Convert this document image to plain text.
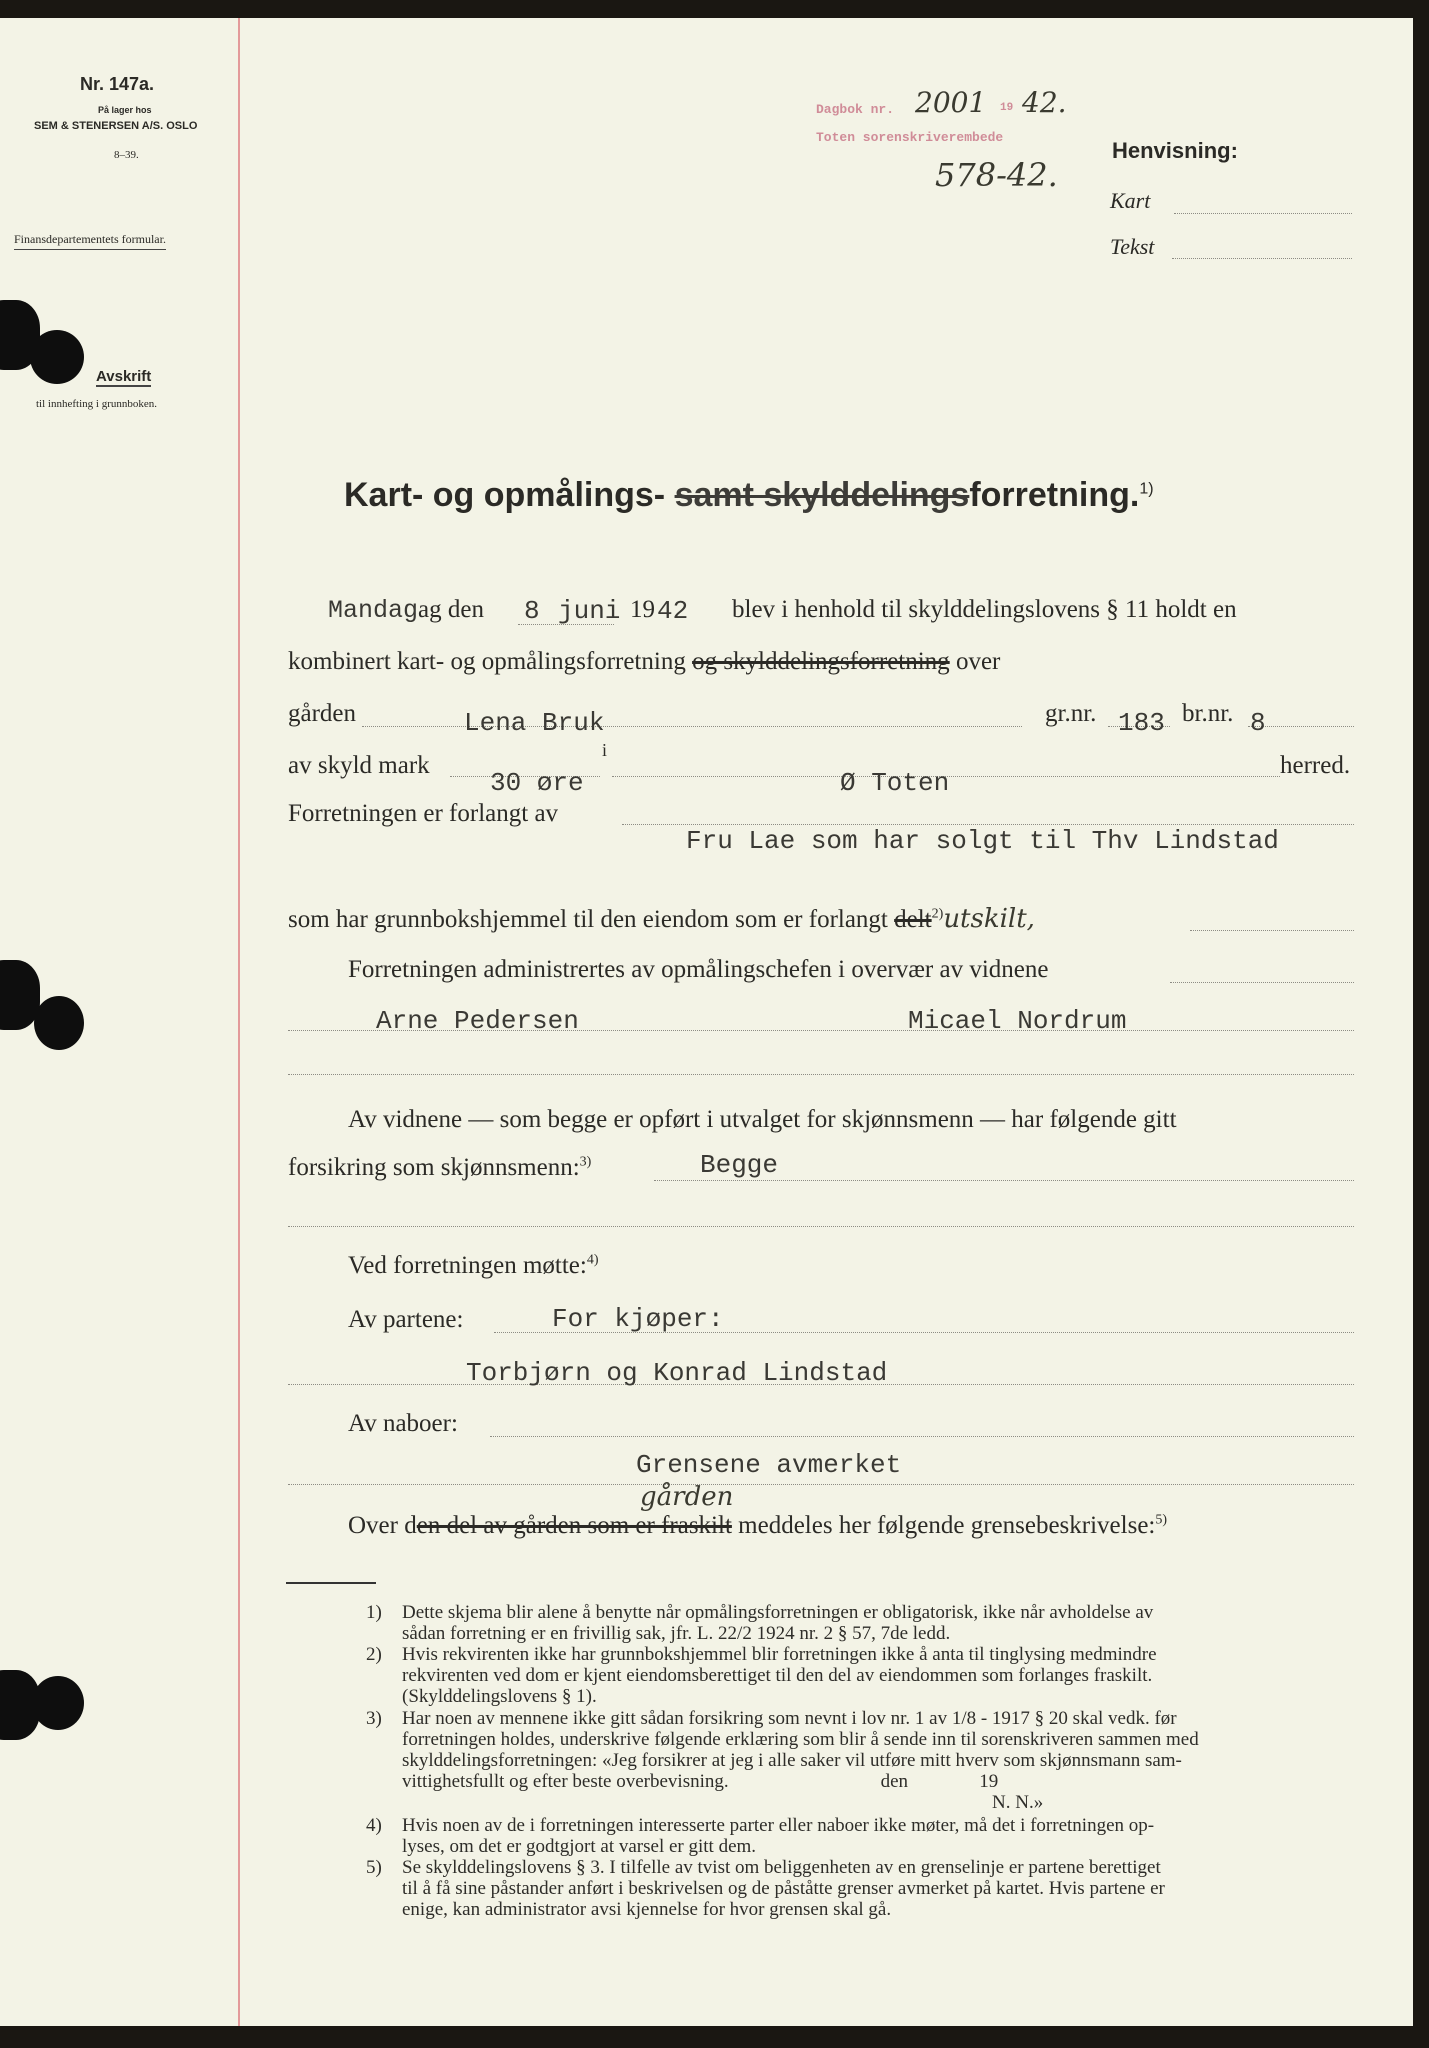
Nr. 147a.
På lager hos
SEM & STENERSEN A/S. OSLO
8–39.
Finansdepartementets formular.
Avskrift
til innhefting i grunnboken.
Dagbok nr. 2001 19 42.
Toten sorenskriverembede
578-42.
Henvisning:
Kart
Tekst
Kart- og opmålings- samt skylddelingsforretning.$^{1)}$
Mandagag den 8 juni 19 42 blev i henhold til skylddelingslovens § 11 holdt en
kombinert kart- og opmålingsforretning og skylddelingsforretning over
gården	Lena Bruk	gr.nr. 183 br.nr. 8
av skyld mark
30 øre
i
Ø Toten
herred.
Forretningen er forlangt av
Fru Lae som har solgt til Thv Lindstad
som har grunnbokshjemmel til den eiendom som er forlangt delt$^{2)}$utskilt,
Forretningen administrertes av opmålingschefen i overvær av vidnene
Arne Pedersen	Micael Nordrum
Av vidnene — som begge er opført i utvalget for skjønnsmenn — har følgende gitt
forsikring som skjønnsmenn:$^{3)}$	Begge
Ved forretningen møtte:$^{4)}$
Av partene:	For kjøper:
Torbjørn og Konrad Lindstad
Av naboer:
Grensene avmerket
gården
Over den del av gården som er fraskilt meddeles her følgende grensebeskrivelse:$^{5)}$
1) Dette skjema blir alene å benytte når opmålingsforretningen er obligatorisk, ikke når avholdelse av
sådan forretning er en frivillig sak, jfr. L. 22/2 1924 nr. 2 § 57, 7de ledd.
2) Hvis rekvirenten ikke har grunnbokshjemmel blir forretningen ikke å anta til tinglysing medmindre
rekvirenten ved dom er kjent eiendomsberettiget til den del av eiendommen som forlanges fraskilt.
(Skylddelingslovens § 1).
3) Har noen av mennene ikke gitt sådan forsikring som nevnt i lov nr. 1 av 1/8 - 1917 § 20 skal vedk. før
forretningen holdes, underskrive følgende erklæring som blir å sende inn til sorenskriveren sammen med
skylddelingsforretningen: «Jeg forsikrer at jeg i alle saker vil utføre mitt hverv som skjønnsmann sam-
vittighetsfullt og efter beste overbevisning.                                den               19
N. N.»
4) Hvis noen av de i forretningen interesserte parter eller naboer ikke møter, må det i forretningen op-
lyses, om det er godtgjort at varsel er gitt dem.
5) Se skylddelingslovens § 3. I tilfelle av tvist om beliggenheten av en grenselinje er partene berettiget
til å få sine påstander anført i beskrivelsen og de påståtte grenser avmerket på kartet. Hvis partene er
enige, kan administrator avsi kjennelse for hvor grensen skal gå.
